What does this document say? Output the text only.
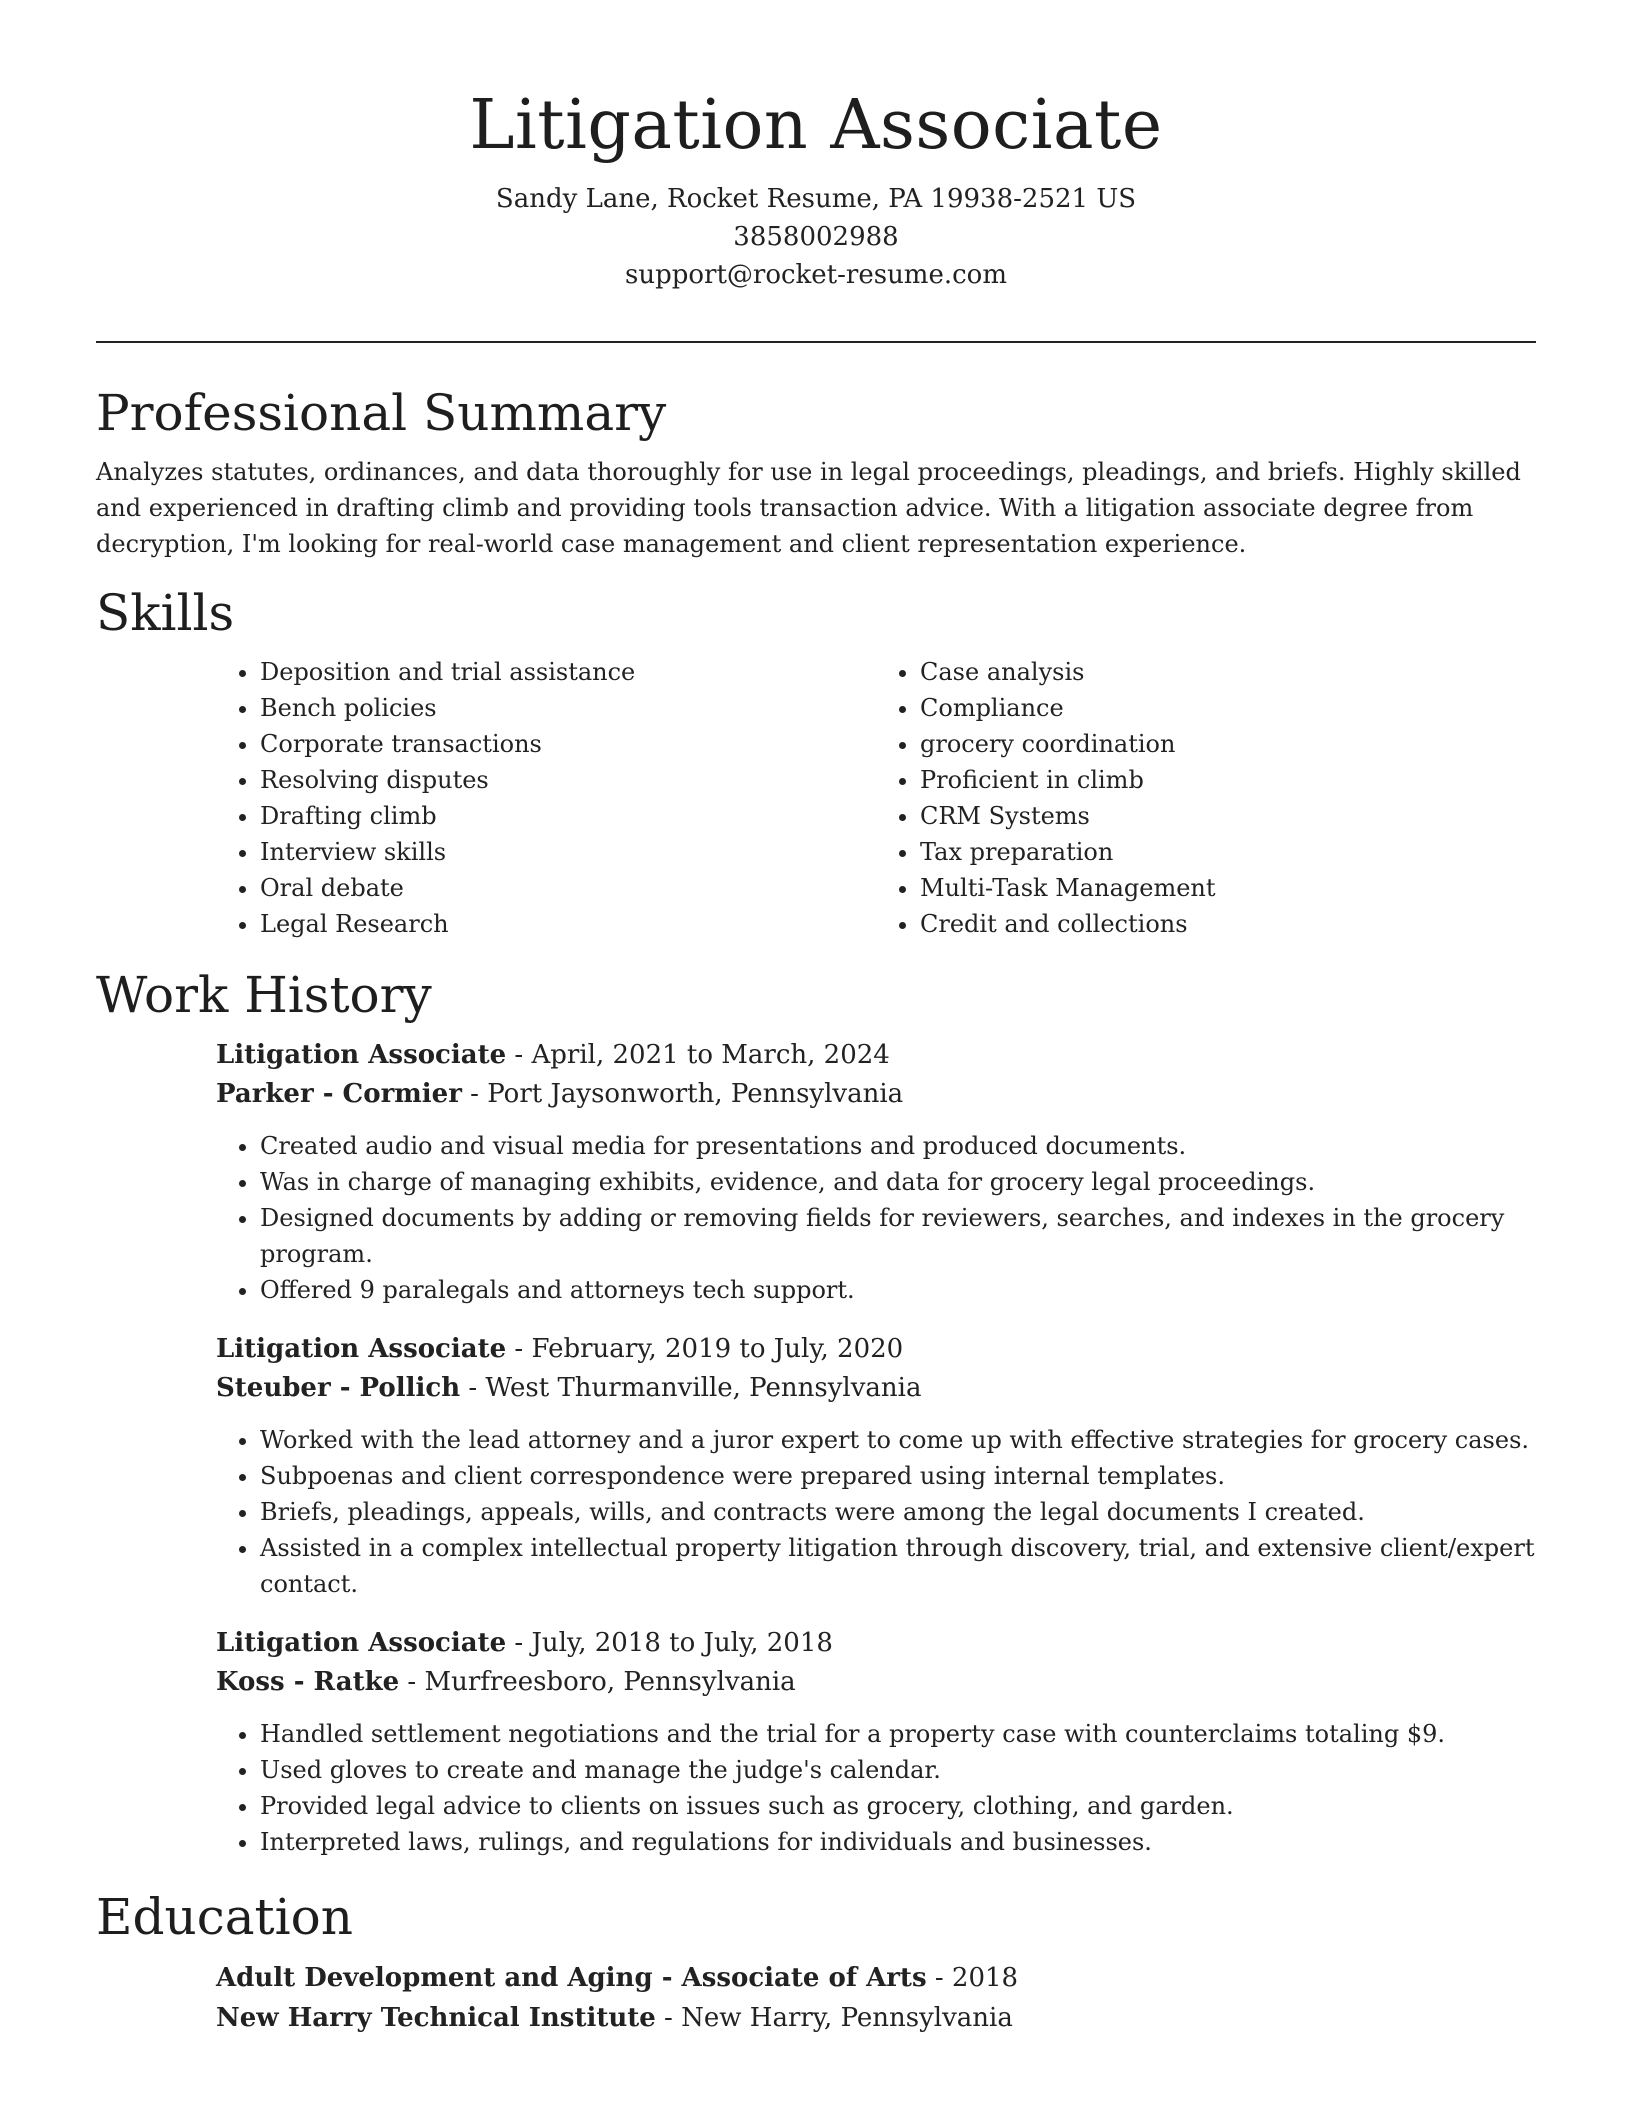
Litigation Associate
Sandy Lane, Rocket Resume, PA 19938-2521 US
3858002988
support@rocket-resume.com
Professional Summary

Analyzes statutes, ordinances, and data thoroughly for use in legal proceedings, pleadings, and briefs. Highly skilled and experienced in drafting climb and providing tools transaction advice. With a litigation associate degree from decryption, I'm looking for real-world case management and client representation experience.

Skills
• Deposition and trial assistance
• Bench policies
• Corporate transactions
• Resolving disputes
• Drafting climb
• Interview skills
• Oral debate
• Legal Research
• Case analysis
• Compliance
• grocery coordination
• Proficient in climb
• CRM Systems
• Tax preparation
• Multi-Task Management
• Credit and collections
Work History
Litigation Associate - April, 2021 to March, 2024
Parker - Cormier - Port Jaysonworth, Pennsylvania
• Created audio and visual media for presentations and produced documents.
• Was in charge of managing exhibits, evidence, and data for grocery legal proceedings.
• Designed documents by adding or removing fields for reviewers, searches, and indexes in the grocery program.
• Offered 9 paralegals and attorneys tech support.
Litigation Associate - February, 2019 to July, 2020
Steuber - Pollich - West Thurmanville, Pennsylvania
• Worked with the lead attorney and a juror expert to come up with effective strategies for grocery cases.
• Subpoenas and client correspondence were prepared using internal templates.
• Briefs, pleadings, appeals, wills, and contracts were among the legal documents I created.
• Assisted in a complex intellectual property litigation through discovery, trial, and extensive client/expert contact.
Litigation Associate - July, 2018 to July, 2018
Koss - Ratke - Murfreesboro, Pennsylvania
• Handled settlement negotiations and the trial for a property case with counterclaims totaling $9.
• Used gloves to create and manage the judge's calendar.
• Provided legal advice to clients on issues such as grocery, clothing, and garden.
• Interpreted laws, rulings, and regulations for individuals and businesses.
Education
Adult Development and Aging - Associate of Arts - 2018
New Harry Technical Institute - New Harry, Pennsylvania
